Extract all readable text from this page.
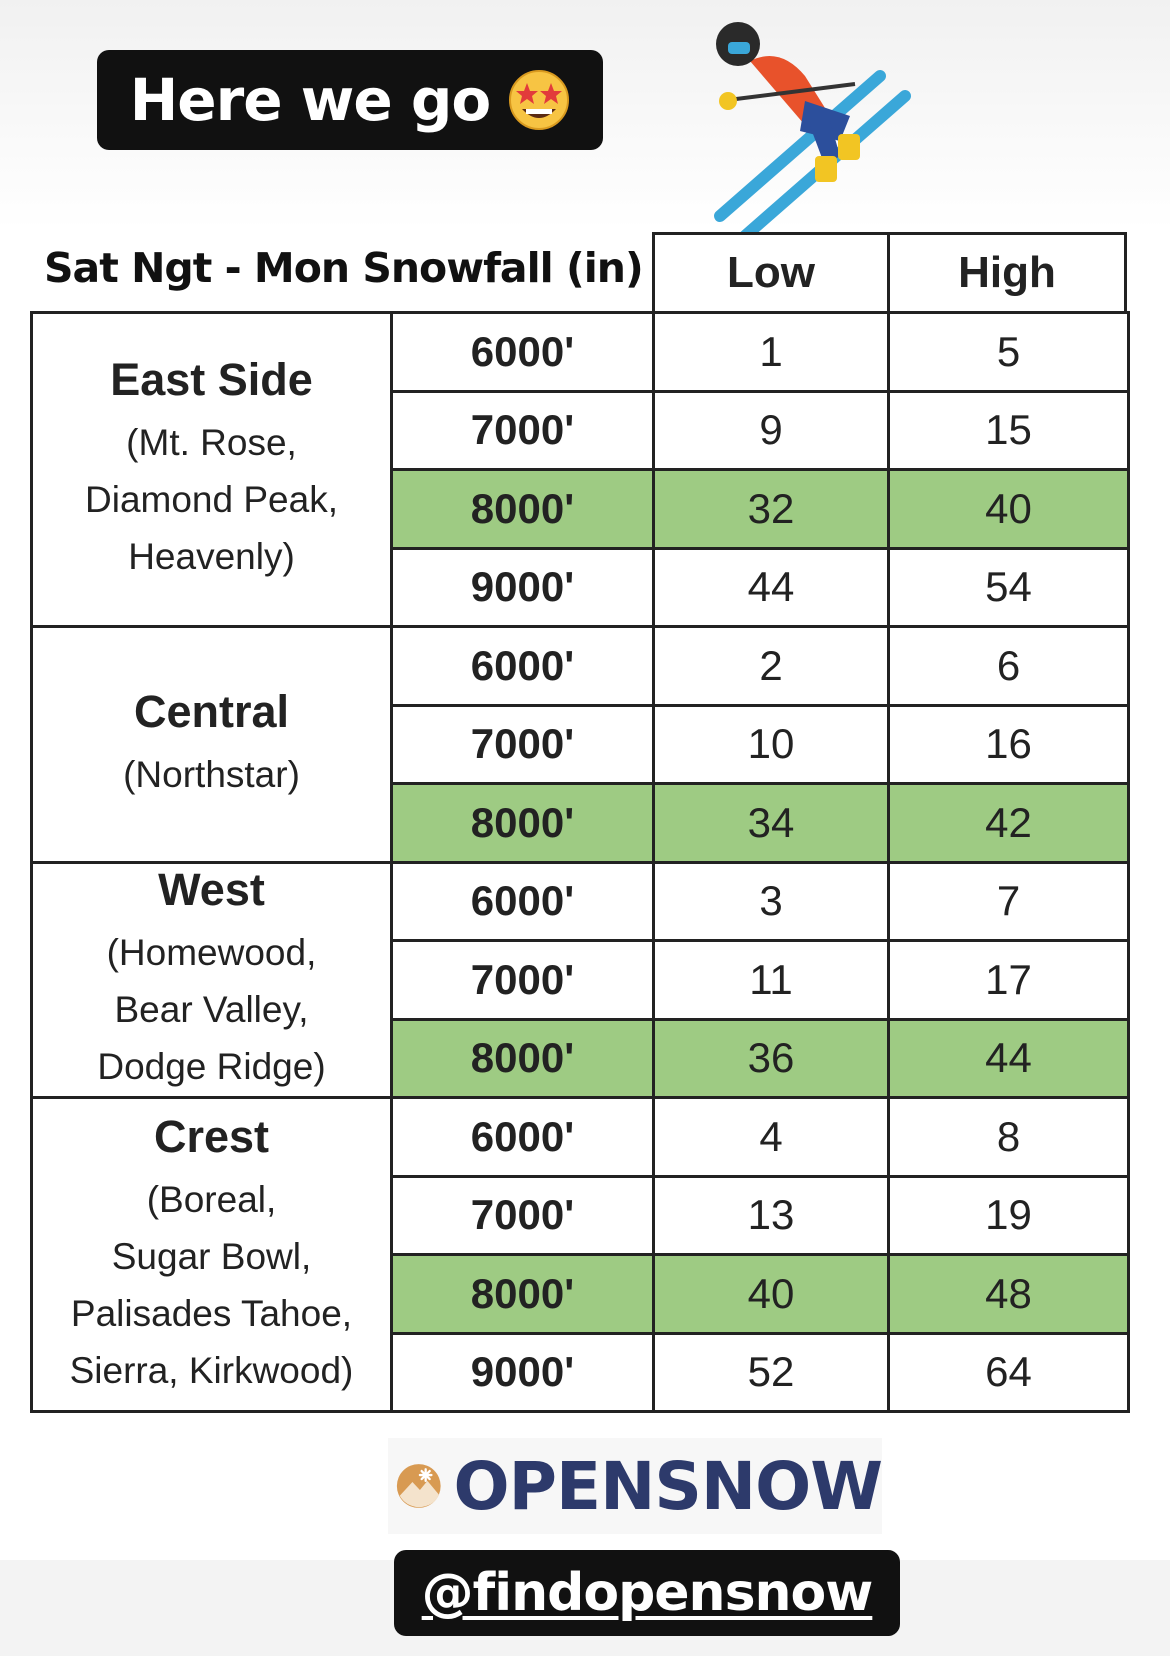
Here we go
Sat Ngt - Mon Snowfall (in)	Low	High
East Side
(Mt. Rose,
Diamond Peak,
Heavenly)
6000'	1	5
7000'	9	15
8000'	32	40
9000'	44	54
Central
(Northstar)
6000'	2	6
7000'	10	16
8000'	34	42
West
(Homewood,
Bear Valley,
Dodge Ridge)
6000'	3	7
7000'	11	17
8000'	36	44
Crest
(Boreal,
Sugar Bowl,
Palisades Tahoe,
Sierra, Kirkwood)
6000'	4	8
7000'	13	19
8000'	40	48
9000'	52	64
OPENSNOW
@findopensnow
